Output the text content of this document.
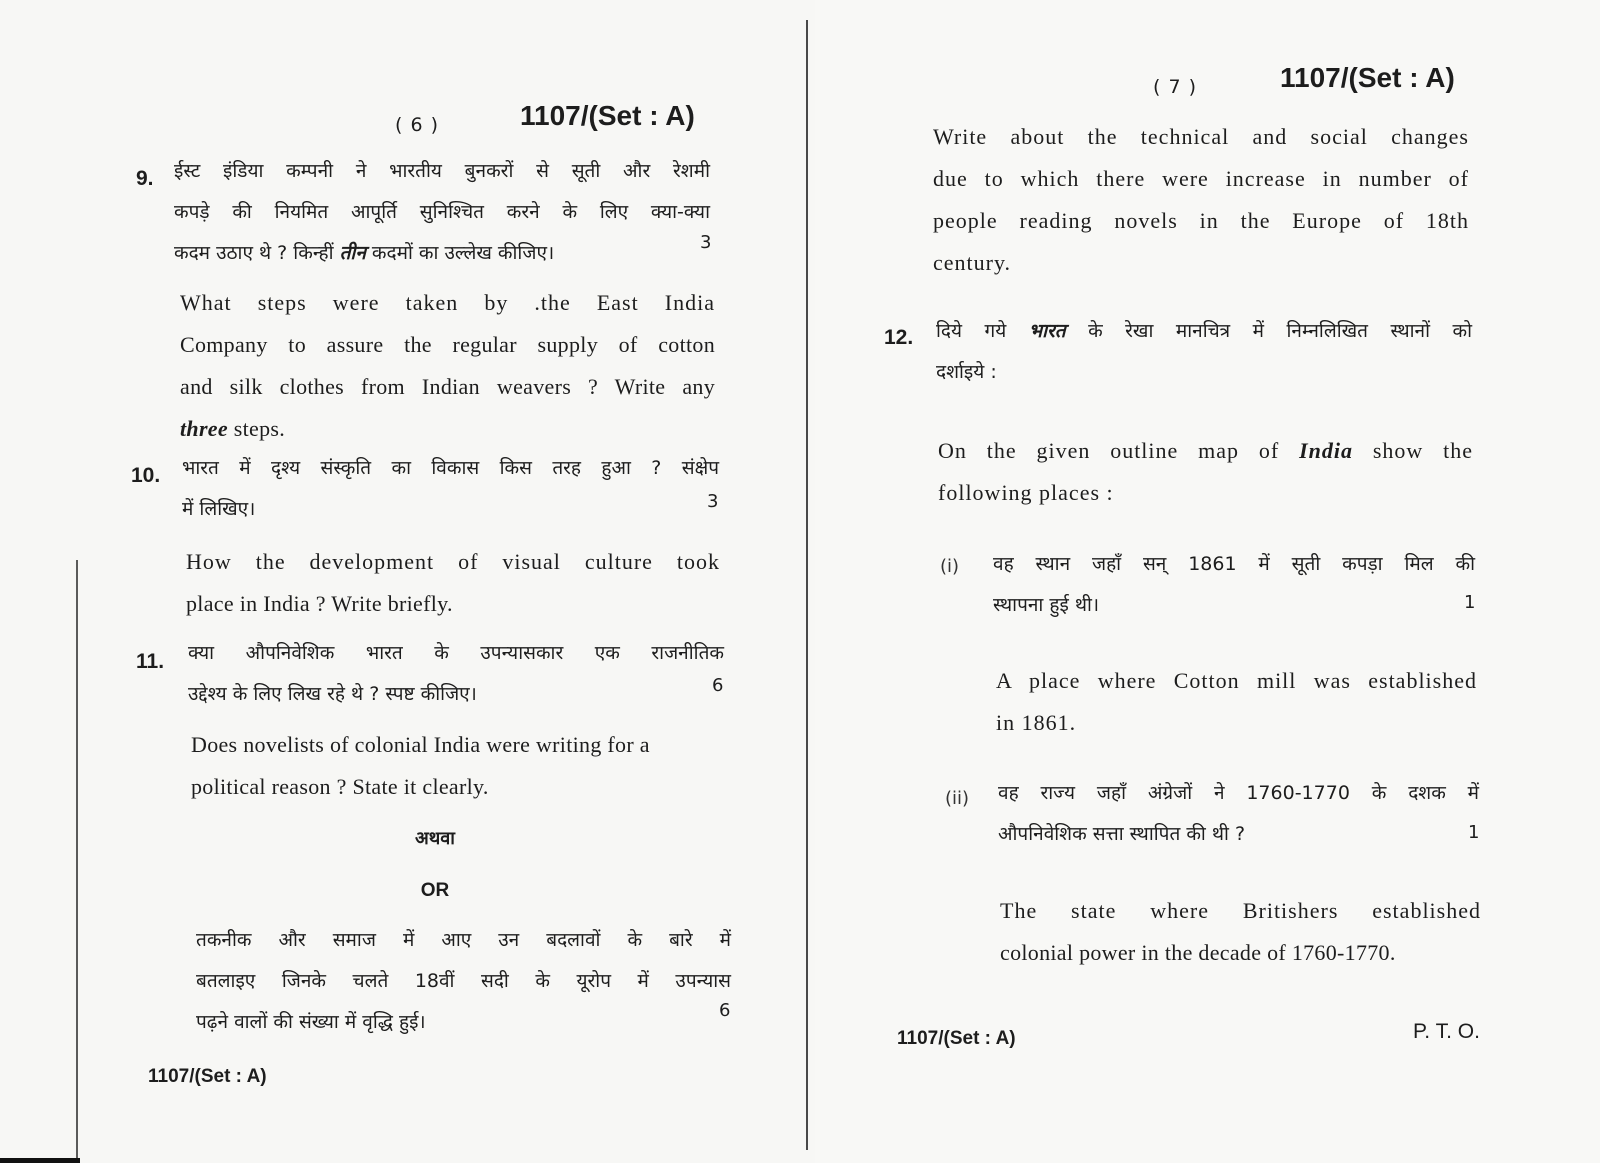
( 6 )	1107/(Set : A)
9. ईस्ट इंडिया कम्पनी ने भारतीय बुनकरों से सूती और रेशमी
कपड़े की नियमित आपूर्ति सुनिश्चित करने के लिए क्या-क्या
कदम उठाए थे ? किन्हीं तीन कदमों का उल्लेख कीजिए।	3
What steps were taken by .the East India
Company to assure the regular supply of cotton
and silk clothes from Indian weavers ? Write any
three steps.
10. भारत में दृश्य संस्कृति का विकास किस तरह हुआ ? संक्षेप
में लिखिए।	3
How the development of visual culture took
place in India ? Write briefly.
11. क्या औपनिवेशिक भारत के उपन्यासकार एक राजनीतिक
उद्देश्य के लिए लिख रहे थे ? स्पष्ट कीजिए।	6
Does novelists of colonial India were writing for a
political reason ? State it clearly.
अथवा
OR
तकनीक और समाज में आए उन बदलावों के बारे में
बतलाइए जिनके चलते 18वीं सदी के यूरोप में उपन्यास
पढ़ने वालों की संख्या में वृद्धि हुई।
6
1107/(Set : A)
( 7 )	1107/(Set : A)
Write about the technical and social changes
due to which there were increase in number of
people reading novels in the Europe of 18th
century.
12. दिये गये भारत के रेखा मानचित्र में निम्नलिखित स्थानों को
दर्शाइये :
On the given outline map of India show the
following places :
(i) वह स्थान जहाँ सन् 1861 में सूती कपड़ा मिल की
स्थापना हुई थी।	1
A place where Cotton mill was established
in 1861.
(ii) वह राज्य जहाँ अंग्रेजों ने 1760-1770 के दशक में
औपनिवेशिक सत्ता स्थापित की थी ?	1
The state where Britishers established
colonial power in the decade of 1760-1770.
1107/(Set : A)	P. T. O.
